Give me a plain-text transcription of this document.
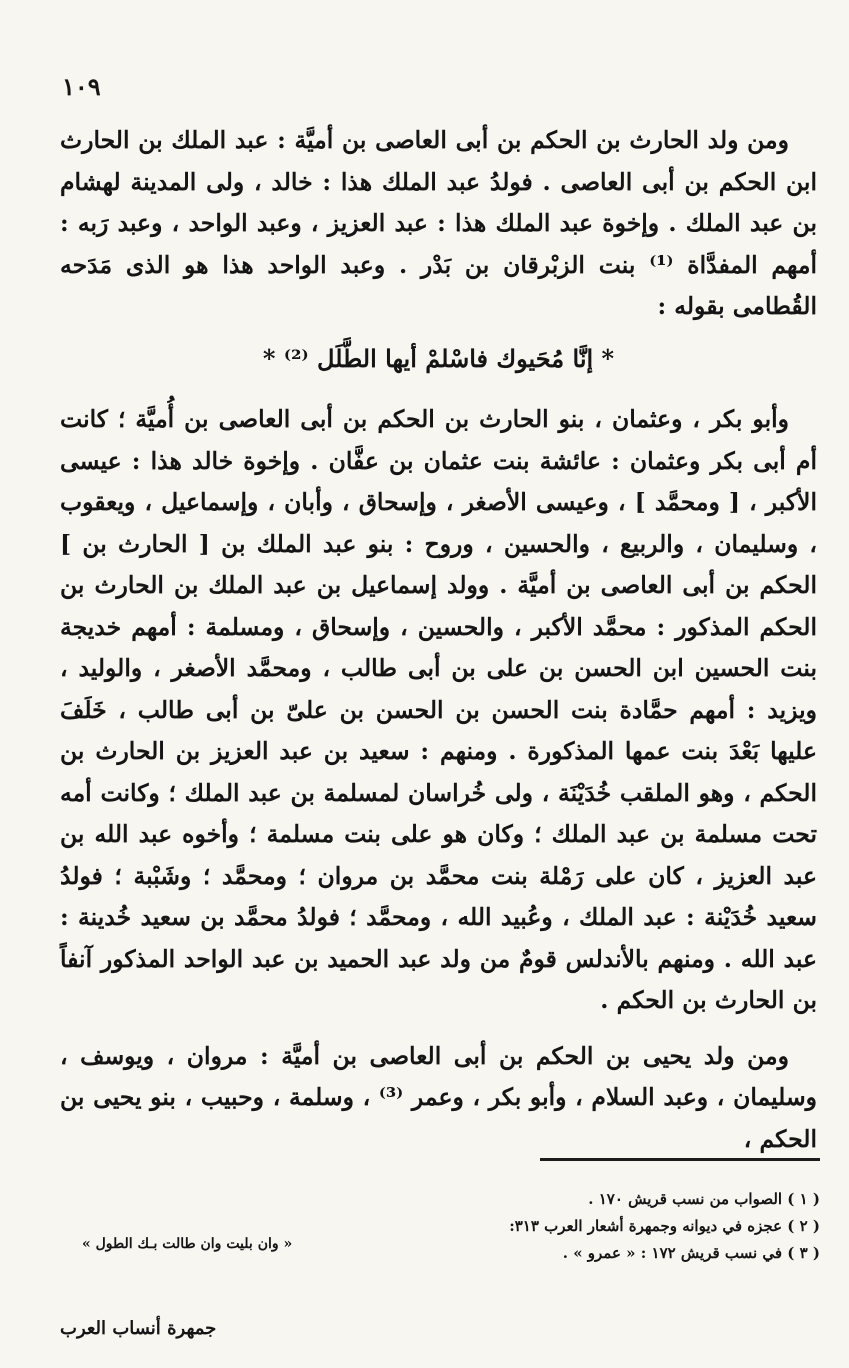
١٠٩

ومن ولد الحارث بن الحكم بن أبى العاصى بن أميَّة : عبد الملك بن الحارث ابن الحكم بن أبى العاصى . فولدُ عبد الملك هذا : خالد ، ولى المدينة لهشام بن عبد الملك . وإخوة عبد الملك هذا : عبد العزيز ، وعبد الواحد ، وعبد رَبه : أمهم المفدَّاة ⁽¹⁾ بنت الزبْرقان بن بَدْر . وعبد الواحد هذا هو الذى مَدَحه القُطامى بقوله :

* إنَّا مُحَيوك فاسْلمْ أيها الطَّلَل ⁽²⁾ *

وأبو بكر ، وعثمان ، بنو الحارث بن الحكم بن أبى العاصى بن أُميَّة ؛ كانت أم أبى بكر وعثمان : عائشة بنت عثمان بن عفَّان . وإخوة خالد هذا : عيسى الأكبر ، [ ومحمَّد ] ، وعيسى الأصغر ، وإسحاق ، وأبان ، وإسماعيل ، ويعقوب ، وسليمان ، والربيع ، والحسين ، وروح : بنو عبد الملك بن [ الحارث بن ] الحكم بن أبى العاصى بن أميَّة . وولد إسماعيل بن عبد الملك بن الحارث بن الحكم المذكور : محمَّد الأكبر ، والحسين ، وإسحاق ، ومسلمة : أمهم خديجة بنت الحسين ابن الحسن بن على بن أبى طالب ، ومحمَّد الأصغر ، والوليد ، ويزيد : أمهم حمَّادة بنت الحسن بن الحسن بن علىّ بن أبى طالب ، خَلَفَ عليها بَعْدَ بنت عمها المذكورة . ومنهم : سعيد بن عبد العزيز بن الحارث بن الحكم ، وهو الملقب خُدَيْنَة ، ولى خُراسان لمسلمة بن عبد الملك ؛ وكانت أمه تحت مسلمة بن عبد الملك ؛ وكان هو على بنت مسلمة ؛ وأخوه عبد الله بن عبد العزيز ، كان على رَمْلة بنت محمَّد بن مروان ؛ ومحمَّد ؛ وشَبْبة ؛ فولدُ سعيد خُدَيْنة : عبد الملك ، وعُبيد الله ، ومحمَّد ؛ فولدُ محمَّد بن سعيد خُدينة : عبد الله . ومنهم بالأندلس قومٌ من ولد عبد الحميد بن عبد الواحد المذكور آنفاً بن الحارث بن الحكم .

ومن ولد يحيى بن الحكم بن أبى العاصى بن أميَّة : مروان ، ويوسف ، وسليمان ، وعبد السلام ، وأبو بكر ، وعمر ⁽³⁾ ، وسلمة ، وحبيب ، بنو يحيى بن الحكم ،

( ١ ) الصواب من نسب قريش ١٧٠ .

( ٢ ) عجزه في ديوانه وجمهرة أشعار العرب ٣١٣:

( ٣ ) في نسب قريش ١٧٢ : « عمرو » .

« وان بليت وان طالت بـك الطول »
جمهرة أنساب العرب
